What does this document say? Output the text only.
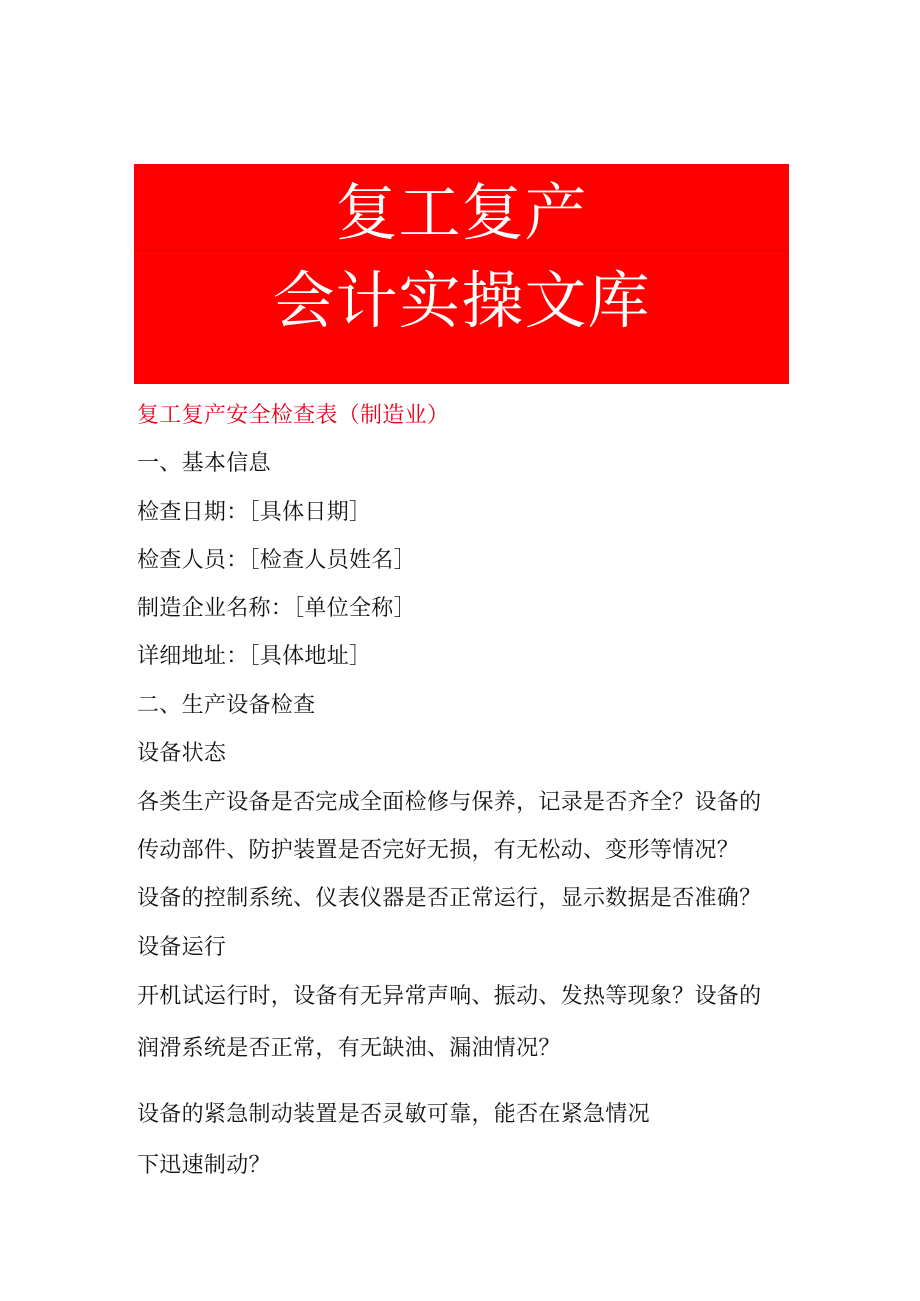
复工复产
会计实操文库
复工复产安全检查表（制造业）
一、基本信息
检查日期：［具体日期］
检查人员：［检查人员姓名］
制造企业名称：［单位全称］
详细地址：［具体地址］
二、生产设备检查
设备状态
各类生产设备是否完成全面检修与保养，记录是否齐全？设备的
传动部件、防护装置是否完好无损，有无松动、变形等情况？
设备的控制系统、仪表仪器是否正常运行，显示数据是否准确？
设备运行
开机试运行时，设备有无异常声响、振动、发热等现象？设备的
润滑系统是否正常，有无缺油、漏油情况？
设备的紧急制动装置是否灵敏可靠，能否在紧急情况
下迅速制动？
